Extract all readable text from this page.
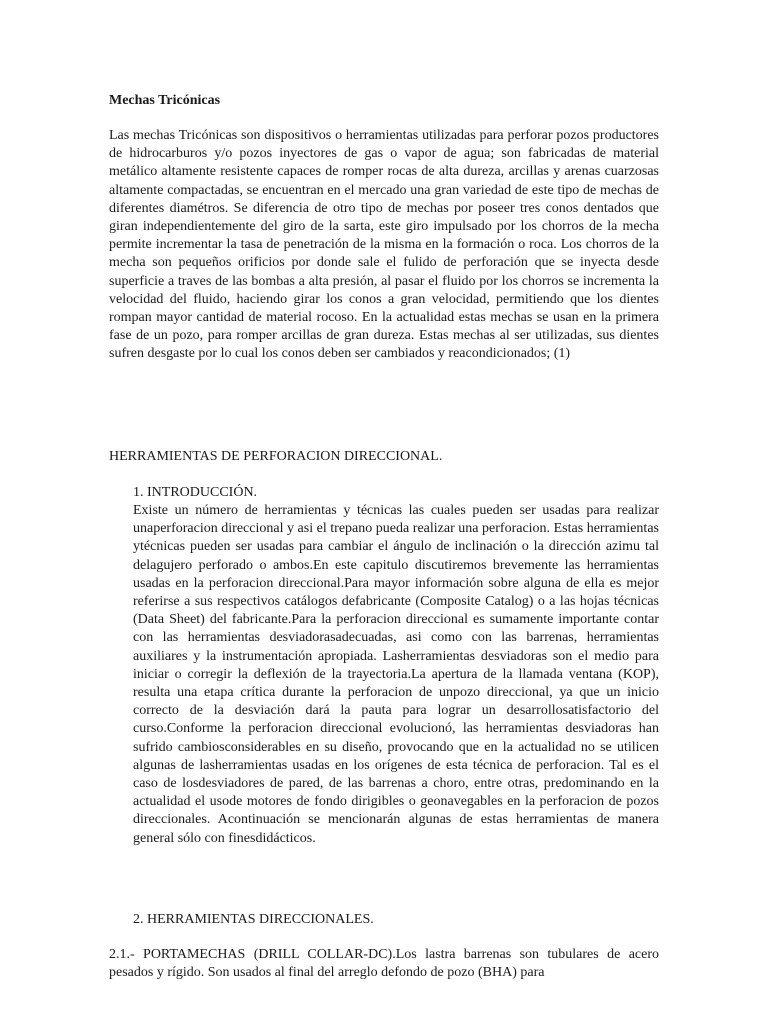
Mechas Tricónicas

Las mechas Tricónicas son dispositivos o herramientas utilizadas para perforar pozos productores de hidrocarburos y/o pozos inyectores de gas o vapor de agua; son fabricadas de material metálico altamente resistente capaces de romper rocas de alta dureza, arcillas y arenas cuarzosas altamente compactadas, se encuentran en el mercado una gran variedad de este tipo de mechas de diferentes diamétros. Se diferencia de otro tipo de mechas por poseer tres conos dentados que giran independientemente del giro de la sarta, este giro impulsado por los chorros de la mecha permite incrementar la tasa de penetración de la misma en la formación o roca. Los chorros de la mecha son pequeños orificios por donde sale el fulido de perforación que se inyecta desde superficie a traves de las bombas a alta presión, al pasar el fluido por los chorros se incrementa la velocidad del fluido, haciendo girar los conos a gran velocidad, permitiendo que los dientes rompan mayor cantidad de material rocoso. En la actualidad estas mechas se usan en la primera fase de un pozo, para romper arcillas de gran dureza. Estas mechas al ser utilizadas, sus dientes sufren desgaste por lo cual los conos deben ser cambiados y reacondicionados; (1)

HERRAMIENTAS DE PERFORACION DIRECCIONAL.
1. INTRODUCCIÓN.

Existe un número de herramientas y técnicas las cuales pueden ser usadas para realizar unaperforacion direccional y asi el trepano pueda realizar una perforacion. Estas herramientas ytécnicas pueden ser usadas para cambiar el ángulo de inclinación o la dirección azimu tal delagujero perforado o ambos.En este capitulo discutiremos brevemente las herramientas usadas en la perforacion direccional.Para mayor información sobre alguna de ella es mejor referirse a sus respectivos catálogos defabricante (Composite Catalog) o a las hojas técnicas (Data Sheet) del fabricante.Para la perforacion direccional es sumamente importante contar con las herramientas desviadorasadecuadas, asi como con las barrenas, herramientas auxiliares y la instrumentación apropiada. Lasherramientas desviadoras son el medio para iniciar o corregir la deflexión de la trayectoria.La apertura de la llamada ventana (KOP), resulta una etapa crítica durante la perforacion de unpozo direccional, ya que un inicio correcto de la desviación dará la pauta para lograr un desarrollosatisfactorio del curso.Conforme la perforacion direccional evolucionó, las herramientas desviadoras han sufrido cambiosconsiderables en su diseño, provocando que en la actualidad no se utilicen algunas de lasherramientas usadas en los orígenes de esta técnica de perforacion. Tal es el caso de losdesviadores de pared, de las barrenas a choro, entre otras, predominando en la actualidad el usode motores de fondo dirigibles o geonavegables en la perforacion de pozos direccionales. Acontinuación se mencionarán algunas de estas herramientas de manera general sólo con finesdidácticos.

2. HERRAMIENTAS DIRECCIONALES.

2.1.- PORTAMECHAS (DRILL COLLAR-DC).Los lastra barrenas son tubulares de acero pesados y rígido. Son usados al final del arreglo defondo de pozo (BHA) para
